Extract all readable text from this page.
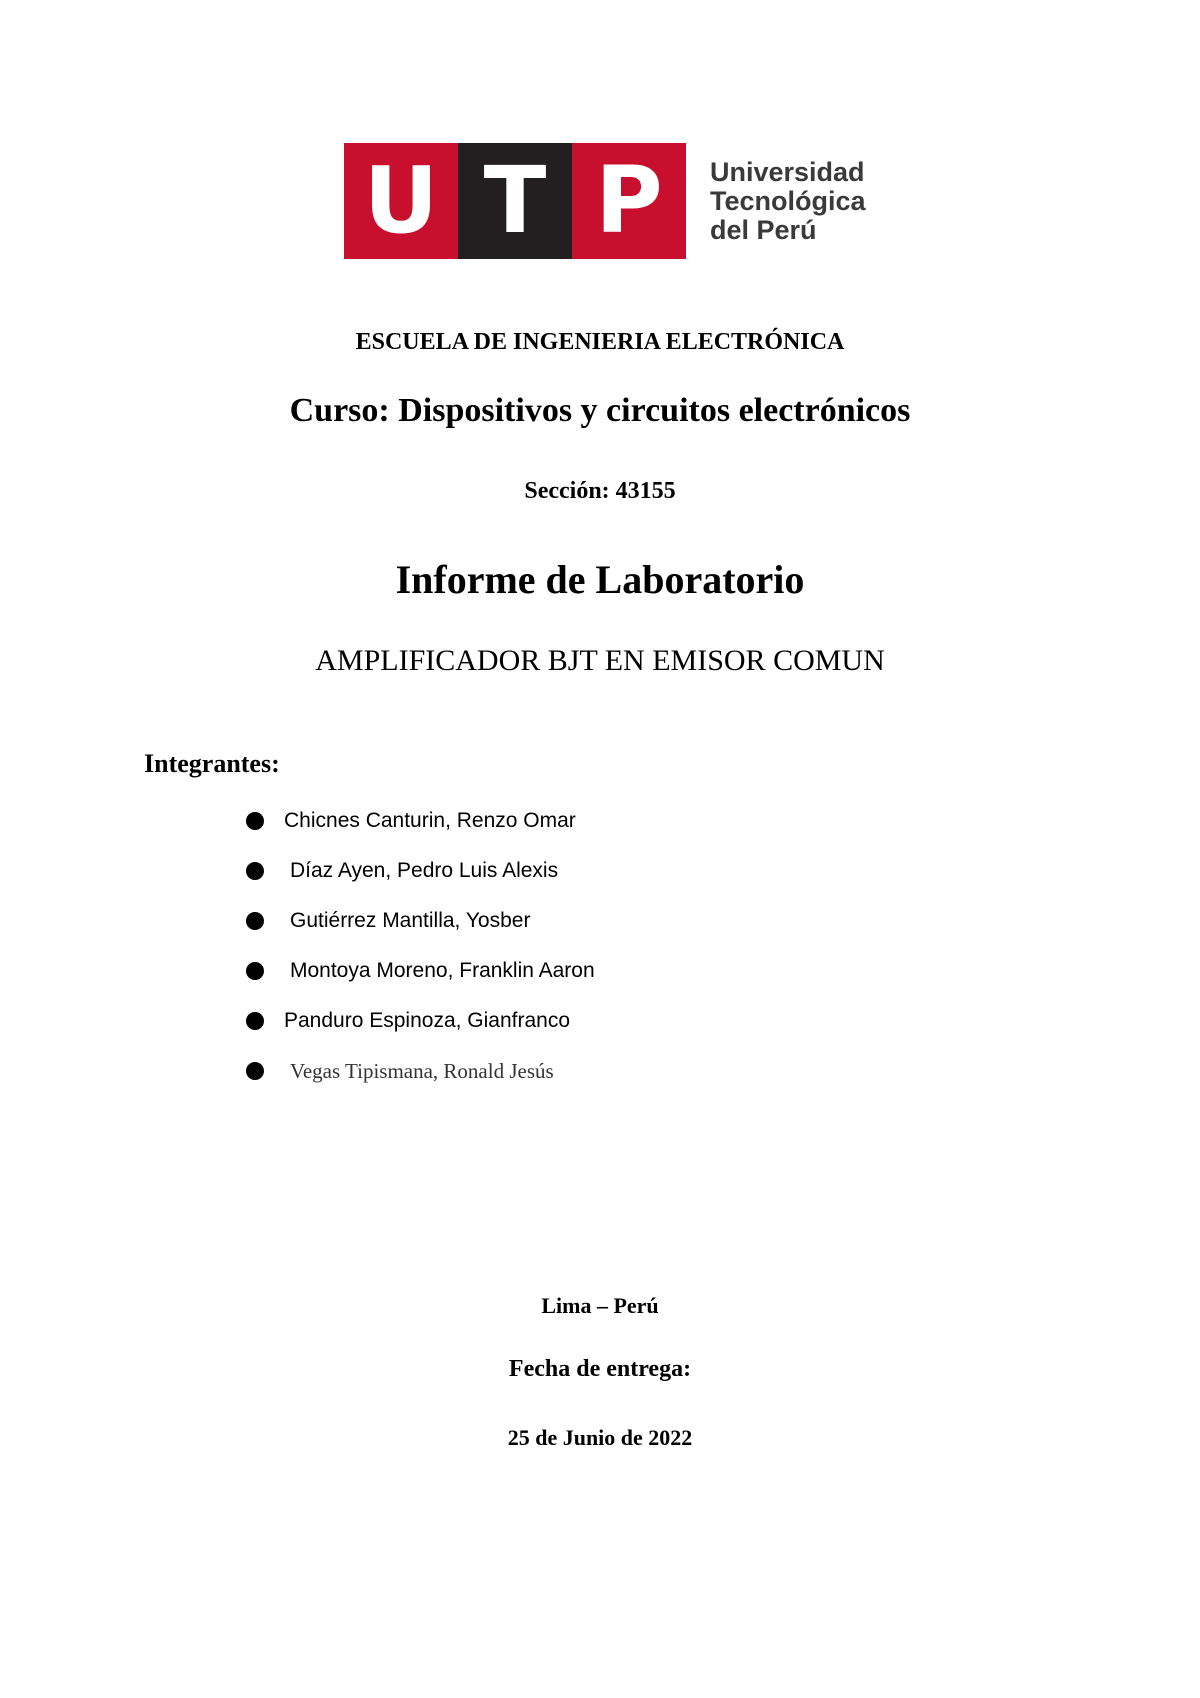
U T P Universidad
Tecnológica
del Perú
ESCUELA DE INGENIERIA ELECTRÓNICA
Curso: Dispositivos y circuitos electrónicos
Sección: 43155
Informe de Laboratorio
AMPLIFICADOR BJT EN EMISOR COMUN
Integrantes:
Chicnes Canturin, Renzo Omar
Díaz Ayen, Pedro Luis Alexis
Gutiérrez Mantilla, Yosber
Montoya Moreno, Franklin Aaron
Panduro Espinoza, Gianfranco
Vegas Tipismana, Ronald Jesús
Lima – Perú
Fecha de entrega:
25 de Junio de 2022
